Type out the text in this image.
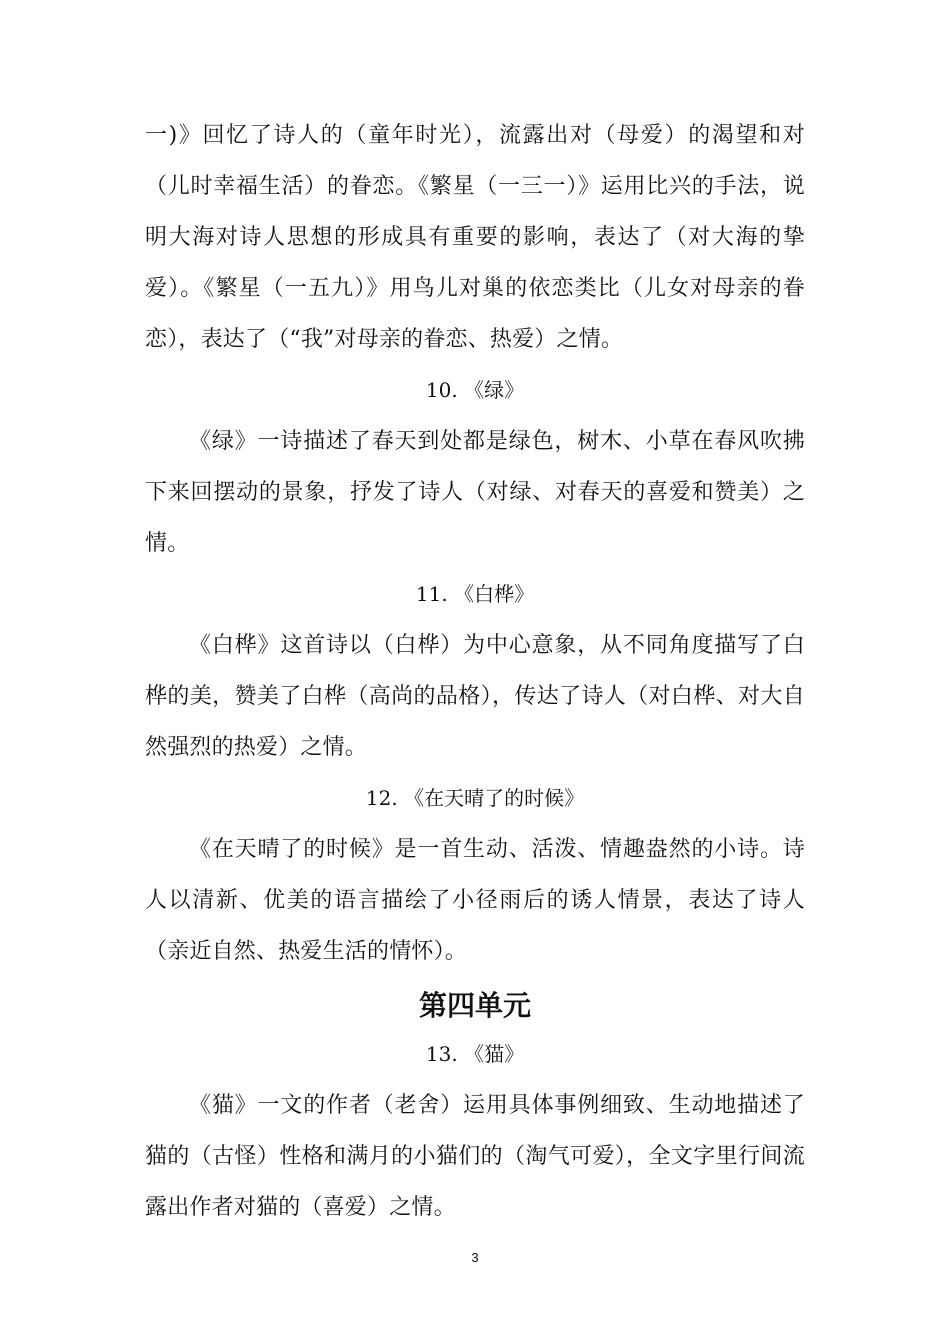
一)》回忆了诗人的（童年时光），流露出对（母爱）的渴望和对（儿时幸福生活）的眷恋。《繁星（一三一）》运用比兴的手法，说明大海对诗人思想的形成具有重要的影响，表达了（对大海的挚爱）。《繁星（一五九）》用鸟儿对巢的依恋类比（儿女对母亲的眷恋），表达了（“我”对母亲的眷恋、热爱）之情。

10. 《绿》

《绿》一诗描述了春天到处都是绿色，树木、小草在春风吹拂下来回摆动的景象，抒发了诗人（对绿、对春天的喜爱和赞美）之情。

11. 《白桦》

《白桦》这首诗以（白桦）为中心意象，从不同角度描写了白桦的美，赞美了白桦（高尚的品格），传达了诗人（对白桦、对大自然强烈的热爱）之情。

12. 《在天晴了的时候》

《在天晴了的时候》是一首生动、活泼、情趣盎然的小诗。诗人以清新、优美的语言描绘了小径雨后的诱人情景，表达了诗人（亲近自然、热爱生活的情怀）。

第四单元
13. 《猫》

《猫》一文的作者（老舍）运用具体事例细致、生动地描述了猫的（古怪）性格和满月的小猫们的（淘气可爱），全文字里行间流露出作者对猫的（喜爱）之情。

3
